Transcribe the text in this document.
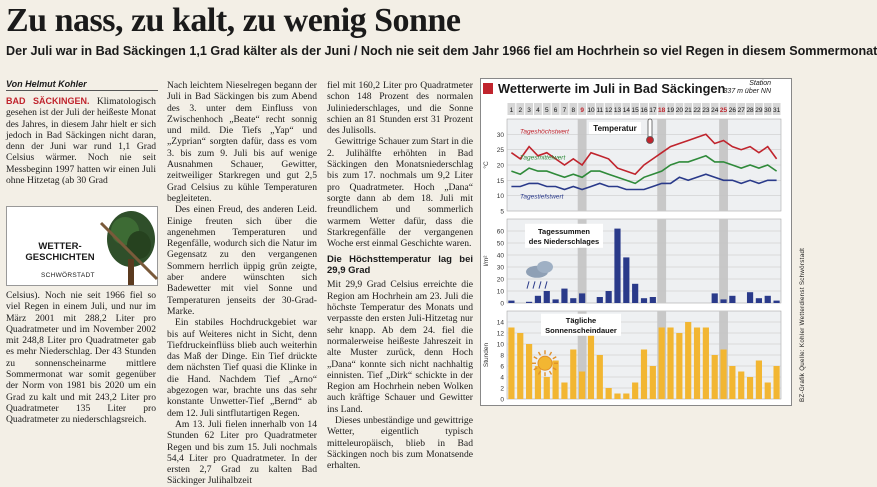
Zu nass, zu kalt, zu wenig Sonne
Der Juli war in Bad Säckingen 1,1 Grad kälter als der Juni / Noch nie seit dem Jahr 1966 fiel am Hochrhein so viel Regen in diesem Sommermonat
Von Helmut Kohler

BAD SÄCKINGEN. Klimatologisch gesehen ist der Juli der heißeste Monat des Jahres, in diesem Jahr hielt er sich jedoch in Bad Säckingen nicht daran, denn der Juni war rund 1,1 Grad Celsius wärmer. Noch nie seit Messbeginn 1997 hatten wir einen Juli ohne Hitzetag (ab 30 Grad

WETTER-GESCHICHTEN
SCHWÖRSTADT

Celsius). Noch nie seit 1966 fiel so viel Regen in einem Juli, und nur im März 2001 mit 288,2 Liter pro Quadratmeter und im November 2002 mit 248,8 Liter pro Quadratmeter gab es mehr Niederschlag. Der 43 Stunden zu sonnenscheinarme mittlere Sommermonat war somit gegenüber der Norm von 1981 bis 2020 um ein Grad zu kalt und mit 243,2 Liter pro Quadratmeter 135 Liter pro Quadratmeter zu niederschlagsreich.

Nach leichtem Nieselregen begann der Juli in Bad Säckingen bis zum Abend des 3. unter dem Einfluss von Zwischenhoch „Beate“ recht sonnig und mild. Die Tiefs „Yap“ und „Zyprian“ sorgten dafür, dass es vom 3. bis zum 9. Juli bis auf wenige Ausnahmen Schauer, Gewitter, zeitweiliger Starkregen und gut 2,5 Grad Celsius zu kühle Temperaturen begleiteten.

Des einen Freud, des anderen Leid. Einige freuten sich über die angenehmen Temperaturen und Regenfälle, wodurch sich die Natur im Gegensatz zu den vergangenen Sommern herrlich üppig grün zeigte, aber andere wünschten sich Badewetter mit viel Sonne und Temperaturen jenseits der 30-Grad-Marke.

Ein stabiles Hochdruckgebiet war bis auf Weiteres nicht in Sicht, denn Tiefdruckeinflüss blieb auch weiterhin das Maß der Dinge. Ein Tief drückte dem nächsten Tief quasi die Klinke in die Hand. Nachdem Tief „Arno“ abgezogen war, brachte uns das sehr konstante Unwetter-Tief „Bernd“ ab dem 12. Juli sintflutartigen Regen.

Am 13. Juli fielen innerhalb von 14 Stunden 62 Liter pro Quadratmeter Regen und bis zum 15. Juli nochmals 54,4 Liter pro Quadratmeter. In der ersten 2,7 Grad zu kalten Bad Säckinger Julihalbzeit

fiel mit 160,2 Liter pro Quadratmeter schon 148 Prozent des normalen Juliniederschlages, und die Sonne schien an 81 Stunden erst 31 Prozent des Julisolls.

Gewittrige Schauer zum Start in die 2. Julihälfte erhöhten in Bad Säckingen den Monatsniederschlag bis zum 17. nochmals um 9,2 Liter pro Quadratmeter. Hoch „Dana“ sorgte dann ab dem 18. Juli mit freundlichem und sommerlich warmem Wetter dafür, dass die Starkregenfälle der vergangenen Woche erst einmal Geschichte waren.

Die Höchsttemperatur lag bei 29,9 Grad

Mit 29,9 Grad Celsius erreichte die Region am Hochrhein am 23. Juli die höchste Temperatur des Monats und verpasste den ersten Juli-Hitzetag nur sehr knapp. Ab dem 24. fiel die normalerweise heißeste Jahreszeit in alte Muster zurück, denn Hoch „Dana“ konnte sich nicht nachhaltig einnisten. Tief „Dirk“ schickte in der Region am Hochrhein neben Wolken auch kräftige Schauer und Gewitter ins Land.

Dieses unbeständige und gewittrige Wetter, eigentlich typisch mitteleuropäisch, blieb in Bad Säckingen noch bis zum Monatsende erhalten.

Wetterwerte im Juli in Bad Säckingen	Station
337 m über NN
1 2 3 4 5 6 7 8 9 10 11 12 13 14 15 16 17 18 19 20 21 22 23 24 25 26 27 28 29 30 31
5
10
15
20
25
30
°C
Tageshöchstwert
Tagesmittelwert
Tagestiefstwert
Temperatur
0
10
20
30
40
50
60
l/m²
Tagessummen
des Niederschlages
0
2
4
6
8
10
12
14
Stunden
Tägliche
Sonnenscheindauer	BZ-Grafik Quelle: Kohler Wetterdienst Schwörstadt
